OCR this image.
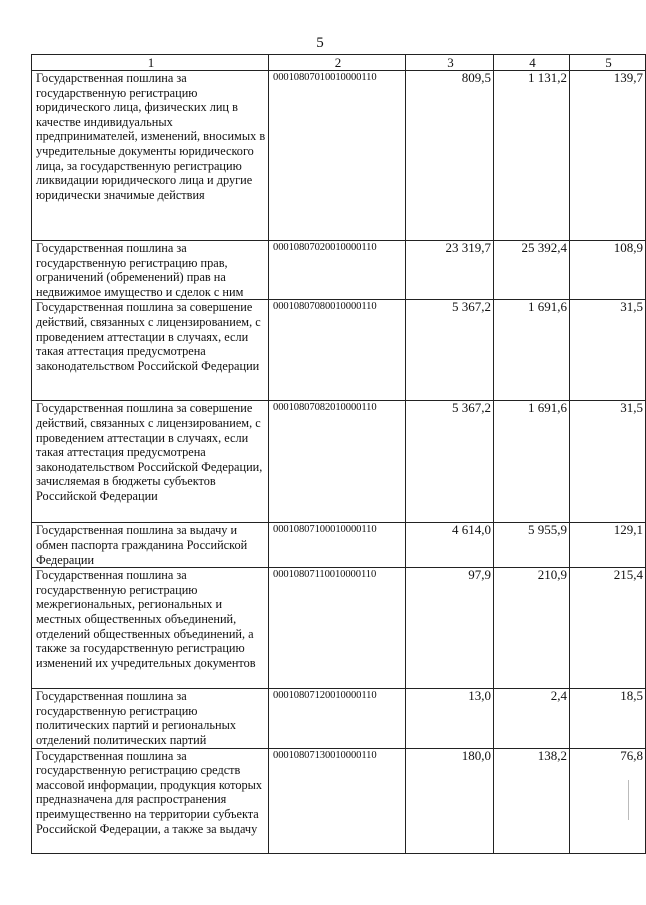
5
1	2	3	4	5
Государственная пошлина за государственную регистрацию юридического лица, физических лиц в качестве индивидуальных предпринимателей, изменений, вносимых в учредительные документы юридического лица, за государственную регистрацию ликвидации юридического лица и другие юридически значимые действия	00010807010010000110	809,5	1 131,2	139,7
Государственная пошлина за государственную регистрацию прав, ограничений (обременений) прав на недвижимое имущество и сделок с ним	00010807020010000110	23 319,7	25 392,4	108,9
Государственная пошлина за совершение действий, связанных с лицензированием, с проведением аттестации в случаях, если такая аттестация предусмотрена законодательством Российской Федерации	00010807080010000110	5 367,2	1 691,6	31,5
Государственная пошлина за совершение действий, связанных с лицензированием, с проведением аттестации в случаях, если такая аттестация предусмотрена законодательством Российской Федерации, зачисляемая в бюджеты субъектов Российской Федерации	00010807082010000110	5 367,2	1 691,6	31,5
Государственная пошлина за выдачу и обмен паспорта гражданина Российской Федерации	00010807100010000110	4 614,0	5 955,9	129,1
Государственная пошлина за государственную регистрацию межрегиональных, региональных и местных общественных объединений, отделений общественных объединений, а также за государственную регистрацию изменений их учредительных документов	00010807110010000110	97,9	210,9	215,4
Государственная пошлина за государственную регистрацию политических партий и региональных отделений политических партий	00010807120010000110	13,0	2,4	18,5
Государственная пошлина за государственную регистрацию средств массовой информации, продукция которых предназначена для распространения преимущественно на территории субъекта Российской Федерации, а также за выдачу	00010807130010000110	180,0	138,2	76,8
